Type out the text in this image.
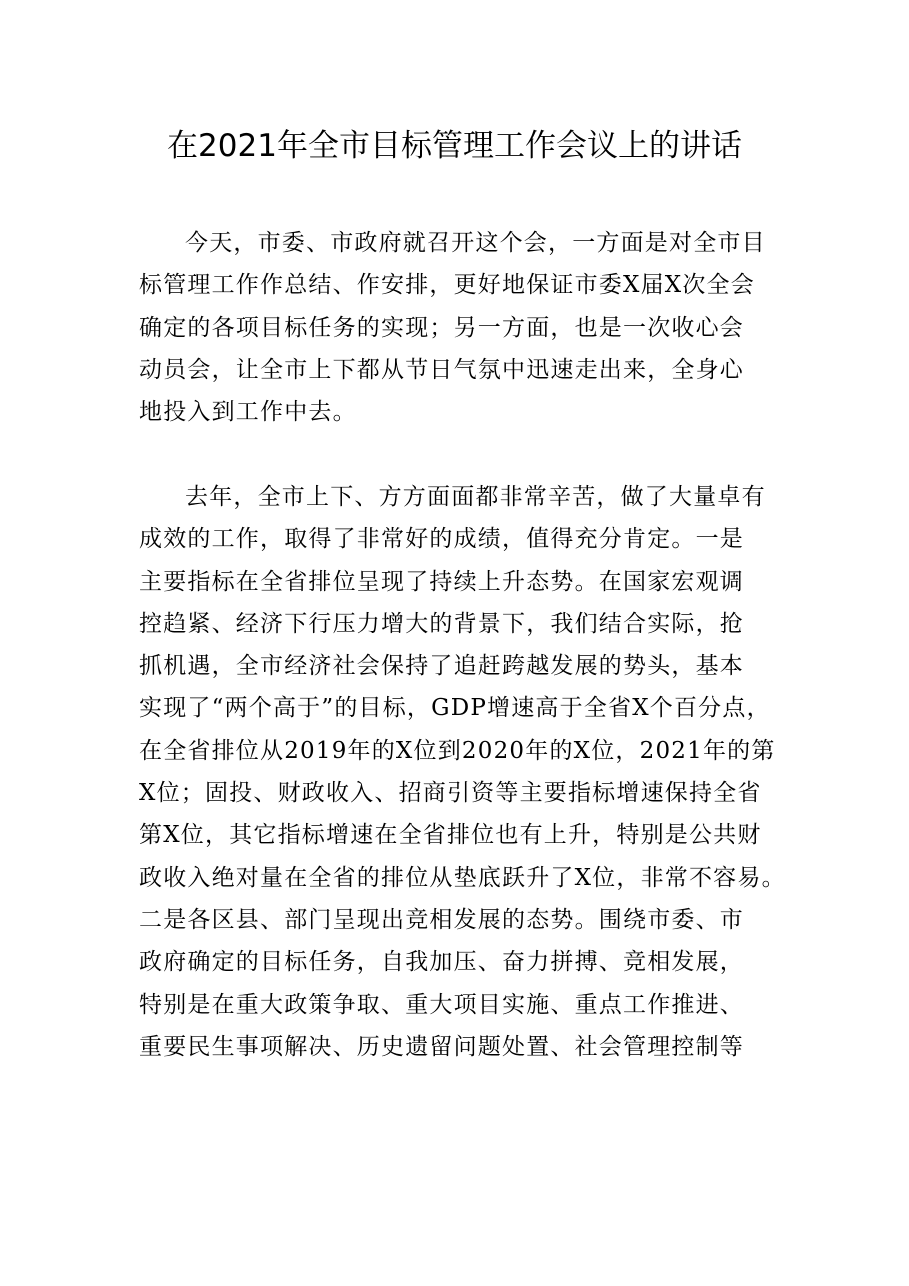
在2021年全市目标管理工作会议上的讲话
今天，市委、市政府就召开这个会，一方面是对全市目
标管理工作作总结、作安排，更好地保证市委X届X次全会
确定的各项目标任务的实现；另一方面，也是一次收心会
动员会，让全市上下都从节日气氛中迅速走出来，全身心
地投入到工作中去。
去年，全市上下、方方面面都非常辛苦，做了大量卓有
成效的工作，取得了非常好的成绩，值得充分肯定。一是
主要指标在全省排位呈现了持续上升态势。在国家宏观调
控趋紧、经济下行压力增大的背景下，我们结合实际，抢
抓机遇，全市经济社会保持了追赶跨越发展的势头，基本
实现了“两个高于”的目标，GDP增速高于全省X个百分点，
在全省排位从2019年的X位到2020年的X位，2021年的第
X位；固投、财政收入、招商引资等主要指标增速保持全省
第X位，其它指标增速在全省排位也有上升，特别是公共财
政收入绝对量在全省的排位从垫底跃升了X位，非常不容易。
二是各区县、部门呈现出竞相发展的态势。围绕市委、市
政府确定的目标任务，自我加压、奋力拼搏、竞相发展，
特别是在重大政策争取、重大项目实施、重点工作推进、
重要民生事项解决、历史遗留问题处置、社会管理控制等
